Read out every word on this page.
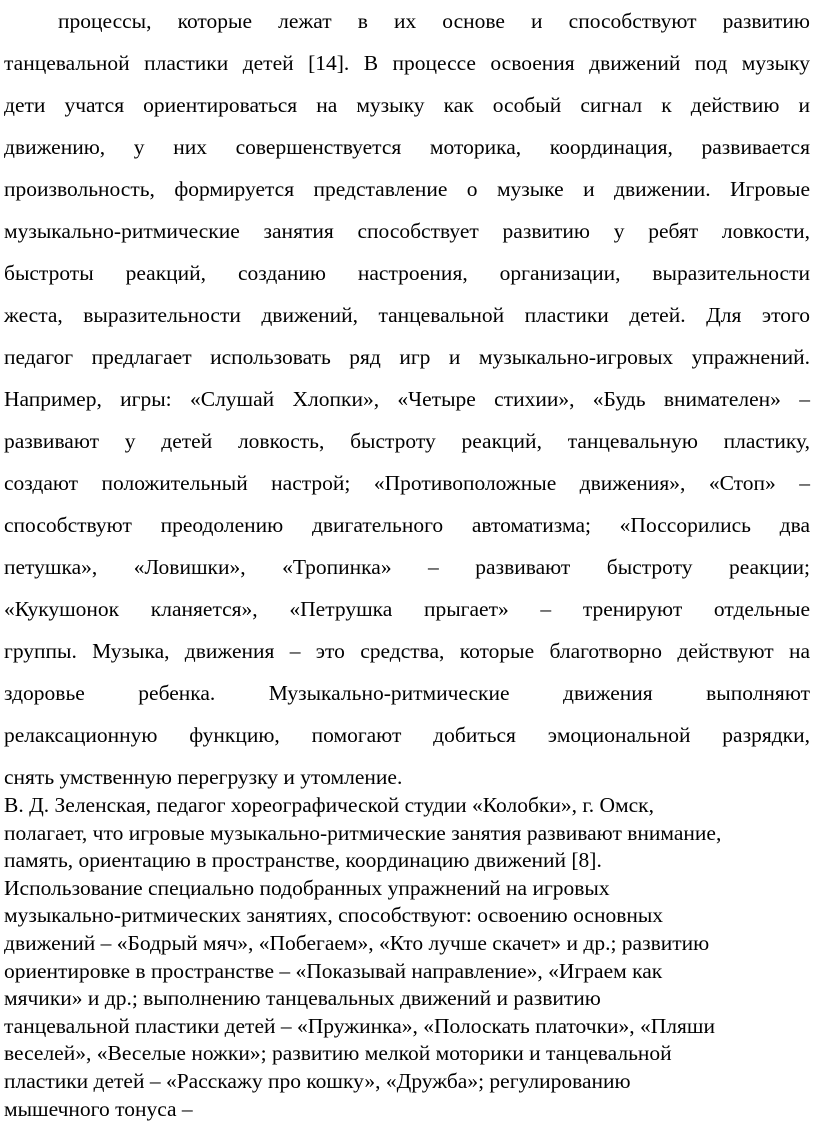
процессы, которые лежат в их основе и способствуют развитию
танцевальной пластики детей [14]. В процессе освоения движений под музыку
дети учатся ориентироваться на музыку как особый сигнал к действию и
движению, у них совершенствуется моторика, координация, развивается
произвольность, формируется представление о музыке и движении. Игровые
музыкально-ритмические занятия способствует развитию у ребят ловкости,
быстроты реакций, созданию настроения, организации, выразительности
жеста, выразительности движений, танцевальной пластики детей. Для этого
педагог предлагает использовать ряд игр и музыкально-игровых упражнений.
Например, игры: «Слушай Хлопки», «Четыре стихии», «Будь внимателен» –
развивают у детей ловкость, быстроту реакций, танцевальную пластику,
создают положительный настрой; «Противоположные движения», «Стоп» –
способствуют преодолению двигательного автоматизма; «Поссорились два
петушка», «Ловишки», «Тропинка» – развивают быстроту реакции;
«Кукушонок кланяется», «Петрушка прыгает» – тренируют отдельные
группы. Музыка, движения – это средства, которые благотворно действуют на
здоровье ребенка. Музыкально-ритмические движения выполняют
релаксационную функцию, помогают добиться эмоциональной разрядки,
снять умственную перегрузку и утомление.
В. Д. Зеленская, педагог хореографической студии «Колобки», г. Омск,
полагает, что игровые музыкально-ритмические занятия развивают внимание,
память, ориентацию в пространстве, координацию движений [8].
Использование специально подобранных упражнений на игровых
музыкально-ритмических занятиях, способствуют: освоению основных
движений – «Бодрый мяч», «Побегаем», «Кто лучше скачет» и др.; развитию
ориентировке в пространстве – «Показывай направление», «Играем как
мячики» и др.; выполнению танцевальных движений и развитию
танцевальной пластики детей – «Пружинка», «Полоскать платочки», «Пляши
веселей», «Веселые ножки»; развитию мелкой моторики и танцевальной
пластики детей – «Расскажу про кошку», «Дружба»; регулированию
мышечного тонуса –
